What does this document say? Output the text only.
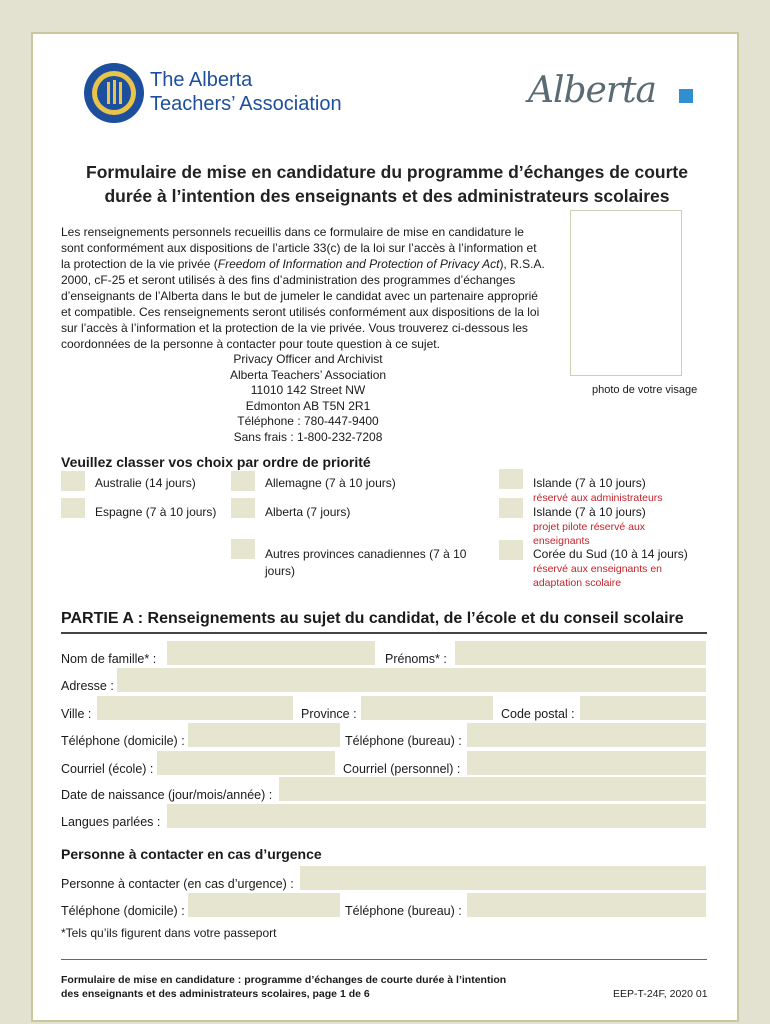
The Alberta
Teachers’ Association	Alberta
Formulaire de mise en candidature du programme d’échanges de courte
durée à l’intention des enseignants et des administrateurs scolaires
Les renseignements personnels recueillis dans ce formulaire de mise en candidature le
sont conformément aux dispositions de l’article 33(c) de la loi sur l’accès à l’information et
la protection de la vie privée (Freedom of Information and Protection of Privacy Act), R.S.A.
2000, cF-25 et seront utilisés à des fins d’administration des programmes d’échanges
d’enseignants de l’Alberta dans le but de jumeler le candidat avec un partenaire approprié
et compatible. Ces renseignements seront utilisés conformément aux dispositions de la loi
sur l’accès à l’information et la protection de la vie privée. Vous trouverez ci-dessous les
coordonnées de la personne à contacter pour toute question à ce sujet.
Privacy Officer and Archivist
Alberta Teachers’ Association
11010 142 Street NW
Edmonton AB T5N 2R1
Téléphone : 780-447-9400
Sans frais : 1-800-232-7208
photo de votre visage
Veuillez classer vos choix par ordre de priorité
Australie (14 jours)
Espagne (7 à 10 jours)
Allemagne (7 à 10 jours)
Alberta (7 jours)
Autres provinces canadiennes (7 à 10
jours)
Islande (7 à 10 jours)
réservé aux administrateurs
Islande (7 à 10 jours)
projet pilote réservé aux
enseignants
Corée du Sud (10 à 14 jours)
réservé aux enseignants en
adaptation scolaire
PARTIE A : Renseignements au sujet du candidat, de l’école et du conseil scolaire
Nom de famille* :	Prénoms* :
Adresse :
Ville :	Province :	Code postal :
Téléphone (domicile) :	Téléphone (bureau) :
Courriel (école) :	Courriel (personnel) :
Date de naissance (jour/mois/année) :
Langues parlées :
Personne à contacter en cas d’urgence
Personne à contacter (en cas d’urgence) :
Téléphone (domicile) :	Téléphone (bureau) :
*Tels qu’ils figurent dans votre passeport
Formulaire de mise en candidature : programme d’échanges de courte durée à l’intention
des enseignants et des administrateurs scolaires, page 1 de 6	EEP-T-24F, 2020 01
